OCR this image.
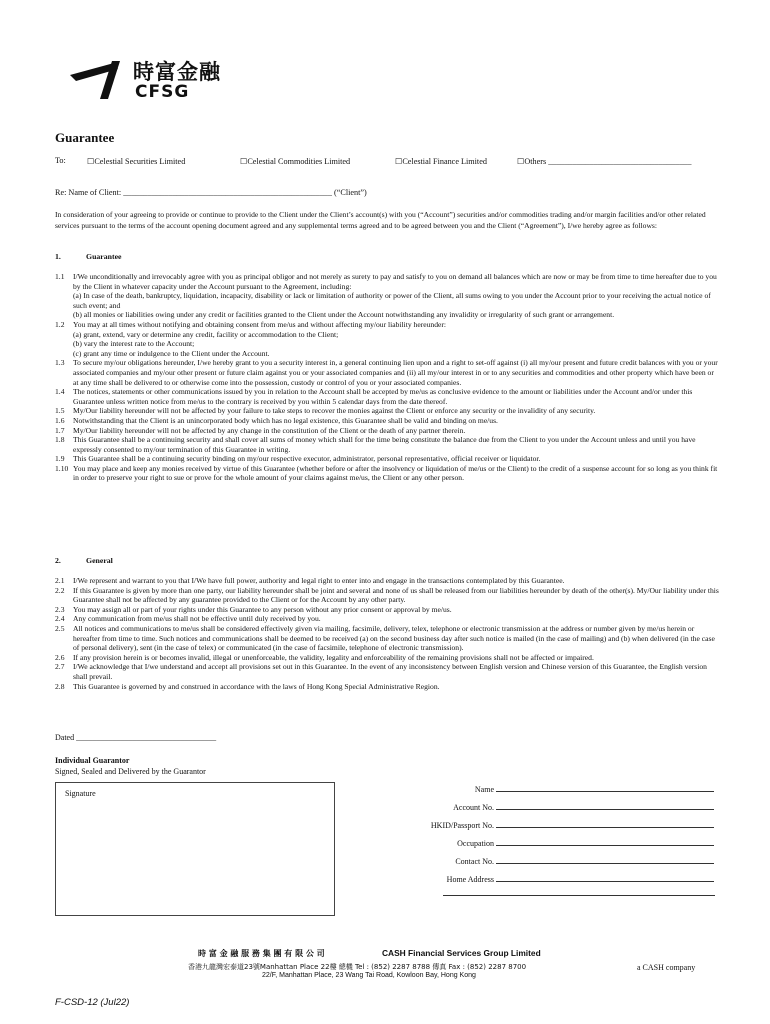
時富金融
CFSG
Guarantee
To:	☐Celestial Securities Limited	☐Celestial Commodities Limited	☐Celestial Finance Limited	☐Others ___________________________________
Re: Name of Client: ___________________________________________________ (“Client”)
In consideration of your agreeing to provide or continue to provide to the Client under the Client’s account(s) with you (“Account”) securities and/or commodities trading and/or margin facilities and/or other related services pursuant to the terms of the account opening document agreed and any supplemental terms agreed and to be agreed between you and the Client (“Agreement”), I/we hereby agree as follows:
1.	Guarantee
1.1	I/We unconditionally and irrevocably agree with you as principal obligor and not merely as surety to pay and satisfy to you on demand all balances which are now or may be from time to time hereafter due to you by the Client in whatever capacity under the Account pursuant to the Agreement, including:
(a) In case of the death, bankruptcy, liquidation, incapacity, disability or lack or limitation of authority or power of the Client, all sums owing to you under the Account prior to your receiving the actual notice of such event; and
(b) all monies or liabilities owing under any credit or facilities granted to the Client under the Account notwithstanding any invalidity or irregularity of such grant or arrangement.
1.2	You may at all times without notifying and obtaining consent from me/us and without affecting my/our liability hereunder:
(a) grant, extend, vary or determine any credit, facility or accommodation to the Client;
(b) vary the interest rate to the Account;
(c) grant any time or indulgence to the Client under the Account.
1.3	To secure my/our obligations hereunder, I/we hereby grant to you a security interest in, a general continuing lien upon and a right to set-off against (i) all my/our present and future credit balances with you or your associated companies and my/our other present or future claim against you or your associated companies and (ii) all my/our interest in or to any securities and commodities and other property which have been or at any time shall be delivered to or otherwise come into the possession, custody or control of you or your associated companies.
1.4	The notices, statements or other communications issued by you in relation to the Account shall be accepted by me/us as conclusive evidence to the amount or liabilities under the Account and/or under this Guarantee unless written notice from me/us to the contrary is received by you within 5 calendar days from the date thereof.
1.5	My/Our liability hereunder will not be affected by your failure to take steps to recover the monies against the Client or enforce any security or the invalidity of any security.
1.6	Notwithstanding that the Client is an unincorporated body which has no legal existence, this Guarantee shall be valid and binding on me/us.
1.7	My/Our liability hereunder will not be affected by any change in the constitution of the Client or the death of any partner therein.
1.8	This Guarantee shall be a continuing security and shall cover all sums of money which shall for the time being constitute the balance due from the Client to you under the Account unless and until you have expressly consented to my/our termination of this Guarantee in writing.
1.9	This Guarantee shall be a continuing security binding on my/our respective executor, administrator, personal representative, official receiver or liquidator.
1.10 You may place and keep any monies received by virtue of this Guarantee (whether before or after the insolvency or liquidation of me/us or the Client) to the credit of a suspense account for so long as you think fit in order to preserve your right to sue or prove for the whole amount of your claims against me/us, the Client or any other person.
2.	General
2.1	I/We represent and warrant to you that I/We have full power, authority and legal right to enter into and engage in the transactions contemplated by this Guarantee.
2.2	If this Guarantee is given by more than one party, our liability hereunder shall be joint and several and none of us shall be released from our liabilities hereunder by death of the other(s). My/Our liability under this Guarantee shall not be affected by any guarantee provided to the Client or for the Account by any other party.
2.3	You may assign all or part of your rights under this Guarantee to any person without any prior consent or approval by me/us.
2.4	Any communication from me/us shall not be effective until duly received by you.
2.5	All notices and communications to me/us shall be considered effectively given via mailing, facsimile, delivery, telex, telephone or electronic transmission at the address or number given by me/us herein or hereafter from time to time. Such notices and communications shall be deemed to be received (a) on the second business day after such notice is mailed (in the case of mailing) and (b) when delivered (in the case of personal delivery), sent (in the case of telex) or communicated (in the case of facsimile, telephone of electronic transmission).
2.6	If any provision herein is or becomes invalid, illegal or unenforceable, the validity, legality and enforceability of the remaining provisions shall not be affected or impaired.
2.7	I/We acknowledge that I/we understand and accept all provisions set out in this Guarantee. In the event of any inconsistency between English version and Chinese version of this Guarantee, the English version shall prevail.
2.8	This Guarantee is governed by and construed in accordance with the laws of Hong Kong Special Administrative Region.
Dated ___________________________________
Individual Guarantor
Signed, Sealed and Delivered by the Guarantor
Signature	Name
Account No.
HKID/Passport No.
Occupation
Contact No.
Home Address
時 富 金 融 服 務 集 團 有 限 公 司	CASH Financial Services Group Limited
香港九龍灣宏泰道23號Manhattan Place 22樓 總機 Tel : (852) 2287 8788 傳真 Fax : (852) 2287 8700
22/F, Manhattan Place, 23 Wang Tai Road, Kowloon Bay, Hong Kong
a CASH company
F-CSD-12 (Jul22)
